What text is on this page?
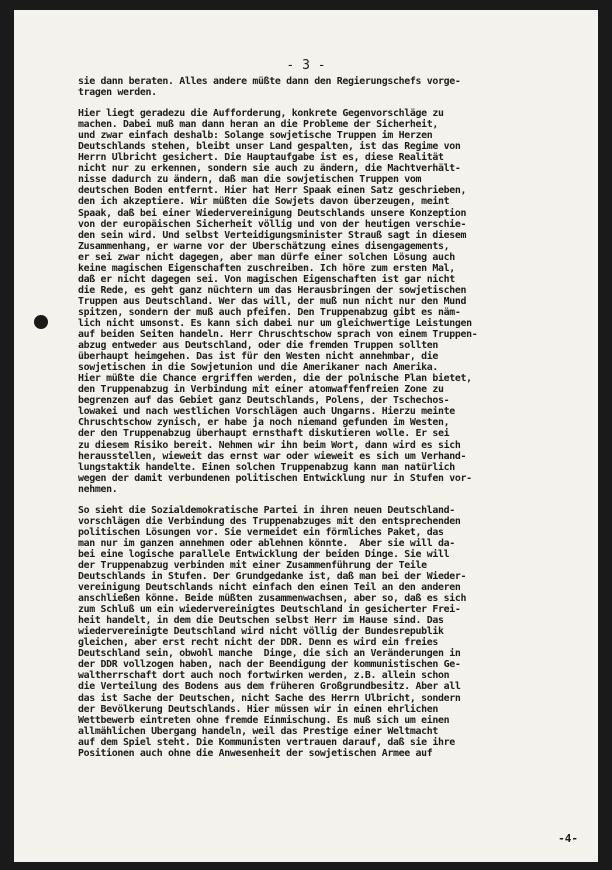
- 3 -
sie dann beraten. Alles andere müßte dann den Regierungschefs vorge-
tragen werden.
Hier liegt geradezu die Aufforderung, konkrete Gegenvorschläge zu
machen. Dabei muß man dann heran an die Probleme der Sicherheit,
und zwar einfach deshalb: Solange sowjetische Truppen im Herzen
Deutschlands stehen, bleibt unser Land gespalten, ist das Regime von
Herrn Ulbricht gesichert. Die Hauptaufgabe ist es, diese Realität
nicht nur zu erkennen, sondern sie auch zu ändern, die Machtverhält-
nisse dadurch zu ändern, daß man die sowjetischen Truppen vom
deutschen Boden entfernt. Hier hat Herr Spaak einen Satz geschrieben,
den ich akzeptiere. Wir müßten die Sowjets davon überzeugen, meint
Spaak, daß bei einer Wiedervereinigung Deutschlands unsere Konzeption
von der europäischen Sicherheit völlig und von der heutigen verschie-
den sein wird. Und selbst Verteidigungsminister Strauß sagt in diesem
Zusammenhang, er warne vor der Überschätzung eines disengagements,
er sei zwar nicht dagegen, aber man dürfe einer solchen Lösung auch
keine magischen Eigenschaften zuschreiben. Ich höre zum ersten Mal,
daß er nicht dagegen sei. Von magischen Eigenschaften ist gar nicht
die Rede, es geht ganz nüchtern um das Herausbringen der sowjetischen
Truppen aus Deutschland. Wer das will, der muß nun nicht nur den Mund
spitzen, sondern der muß auch pfeifen. Den Truppenabzug gibt es näm-
lich nicht umsonst. Es kann sich dabei nur um gleichwertige Leistungen
auf beiden Seiten handeln. Herr Chruschtschow sprach von einem Truppen-
abzug entweder aus Deutschland, oder die fremden Truppen sollten
überhaupt heimgehen. Das ist für den Westen nicht annehmbar, die
sowjetischen in die Sowjetunion und die Amerikaner nach Amerika.
Hier müßte die Chance ergriffen werden, die der polnische Plan bietet,
den Truppenabzug in Verbindung mit einer atomwaffenfreien Zone zu
begrenzen auf das Gebiet ganz Deutschlands, Polens, der Tschechos-
lowakei und nach westlichen Vorschlägen auch Ungarns. Hierzu meinte
Chruschtschow zynisch, er habe ja noch niemand gefunden im Westen,
der den Truppenabzug überhaupt ernsthaft diskutieren wolle. Er sei
zu diesem Risiko bereit. Nehmen wir ihn beim Wort, dann wird es sich
herausstellen, wieweit das ernst war oder wieweit es sich um Verhand-
lungstaktik handelte. Einen solchen Truppenabzug kann man natürlich
wegen der damit verbundenen politischen Entwicklung nur in Stufen vor-
nehmen.
So sieht die Sozialdemokratische Partei in ihren neuen Deutschland-
vorschlägen die Verbindung des Truppenabzuges mit den entsprechenden
politischen Lösungen vor. Sie vermeidet ein förmliches Paket, das
man nur im ganzen annehmen oder ablehnen könnte.  Aber sie will da-
bei eine logische parallele Entwicklung der beiden Dinge. Sie will
der Truppenabzug verbinden mit einer Zusammenführung der Teile
Deutschlands in Stufen. Der Grundgedanke ist, daß man bei der Wieder-
vereinigung Deutschlands nicht einfach den einen Teil an den anderen
anschließen könne. Beide müßten zusammenwachsen, aber so, daß es sich
zum Schluß um ein wiedervereinigtes Deutschland in gesicherter Frei-
heit handelt, in dem die Deutschen selbst Herr im Hause sind. Das
wiedervereinigte Deutschland wird nicht völlig der Bundesrepublik
gleichen, aber erst recht nicht der DDR. Denn es wird ein freies
Deutschland sein, obwohl manche  Dinge, die sich an Veränderungen in
der DDR vollzogen haben, nach der Beendigung der kommunistischen Ge-
waltherrschaft dort auch noch fortwirken werden, z.B. allein schon
die Verteilung des Bodens aus dem früheren Großgrundbesitz. Aber all
das ist Sache der Deutschen, nicht Sache des Herrn Ulbricht, sondern
der Bevölkerung Deutschlands. Hier müssen wir in einen ehrlichen
Wettbewerb eintreten ohne fremde Einmischung. Es muß sich um einen
allmählichen Übergang handeln, weil das Prestige einer Weltmacht
auf dem Spiel steht. Die Kommunisten vertrauen darauf, daß sie ihre
Positionen auch ohne die Anwesenheit der sowjetischen Armee auf
-4-
